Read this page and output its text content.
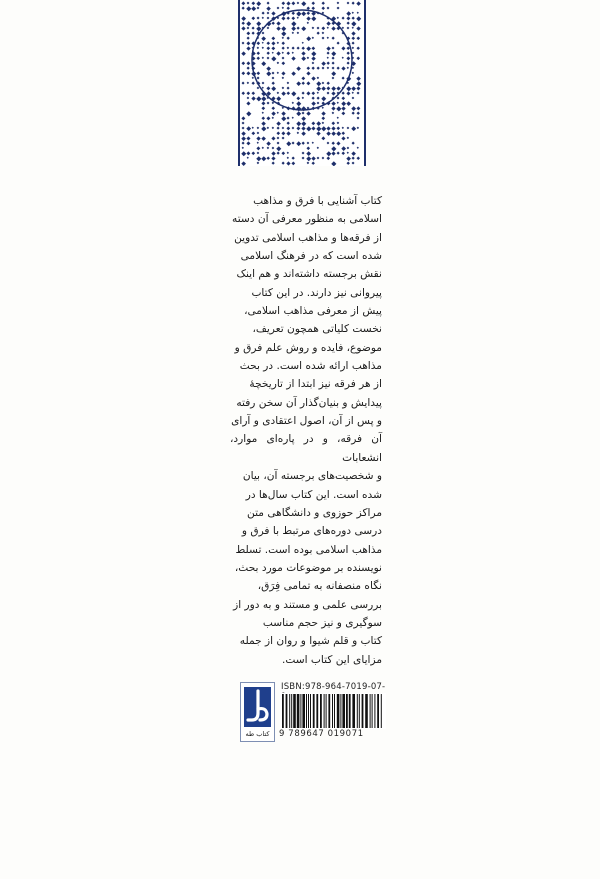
کتاب آشنایی با فرق و مذاهب

اسلامی به منظور معرفی آن دسته

از فرقه‌ها و مذاهب اسلامی تدوین

شده است که در فرهنگ اسلامی

نقش برجسته داشته‌اند و هم اینک

پیروانی نیز دارند. در این کتاب

پیش از معرفی مذاهب اسلامی،

نخست کلیاتی همچون تعریف،

موضوع، فایده و روش علم فرق و

مذاهب ارائه شده است. در بحث

از هر فرقه نیز ابتدا از تاریخچهٔ

پیدایش و بنیان‌گذار آن سخن رفته

و پس از آن، اصول اعتقادی و آرای

آن فرقه، و در پاره‌ای موارد، انشعابات

و شخصیت‌های برجسته آن، بیان

شده است. این کتاب سال‌ها در

مراکز حوزوی و دانشگاهی متن

درسی دوره‌های مرتبط با فرق و

مذاهب اسلامی بوده است. تسلط

نویسنده بر موضوعات مورد بحث،

نگاه منصفانه به تمامی فِرَق،

بررسی علمی و مستند و به دور از

سوگیری و نیز حجم مناسب

کتاب و قلم شیوا و روان از جمله

مزایای این کتاب است.

کتاب طه
ISBN:978-964-7019-07-
9 789647 019071
